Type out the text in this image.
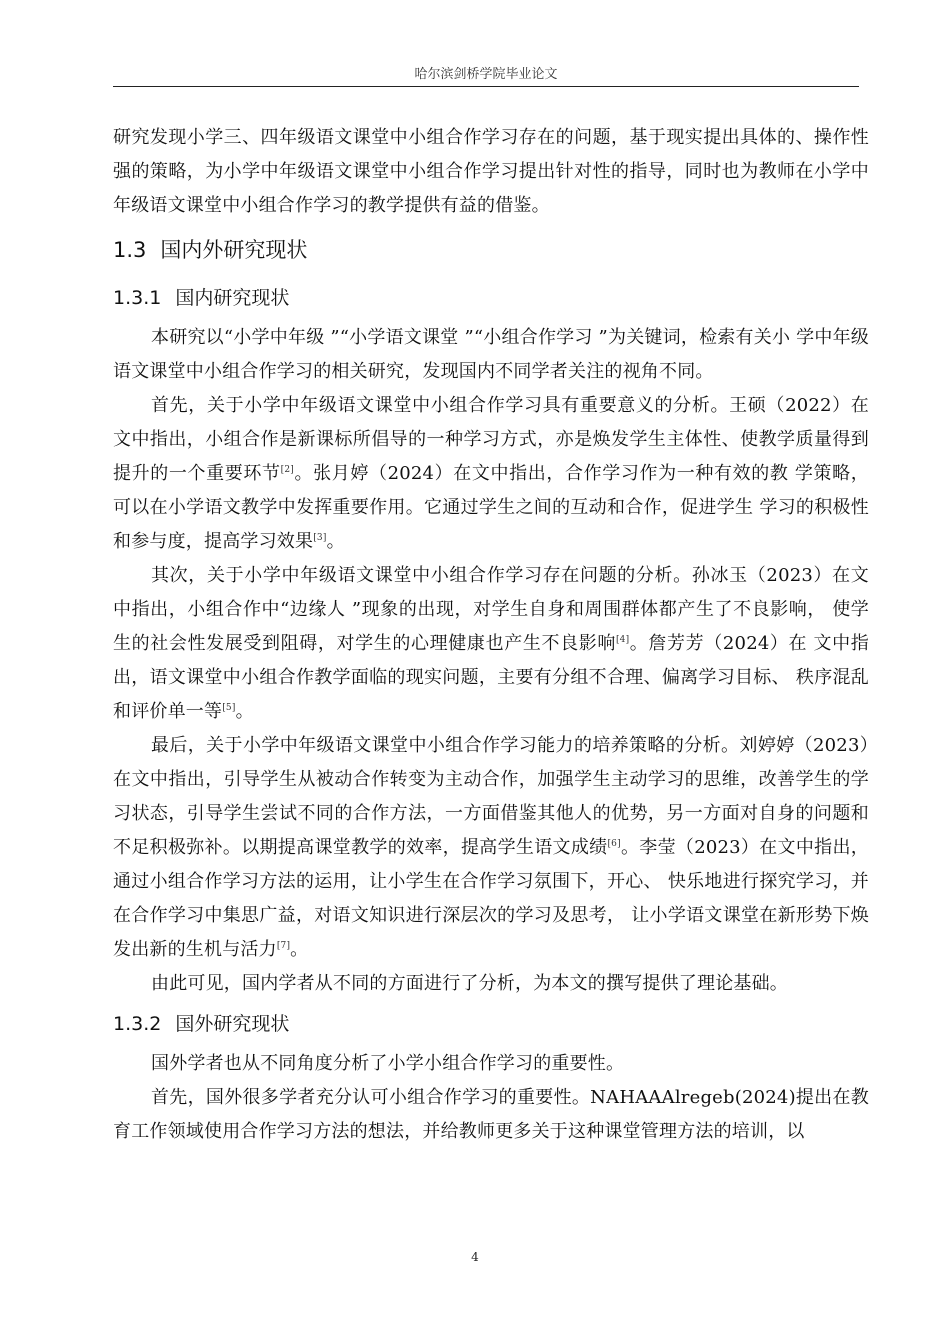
哈尔滨剑桥学院毕业论文

研究发现小学三、四年级语文课堂中小组合作学习存在的问题，基于现实提出具体的、操作性强的策略，为小学中年级语文课堂中小组合作学习提出针对性的指导，同时也为教师在小学中年级语文课堂中小组合作学习的教学提供有益的借鉴。

1.3 国内外研究现状
1.3.1 国内研究现状

本研究以“小学中年级 ”“小学语文课堂 ”“小组合作学习 ”为关键词，检索有关小 学中年级语文课堂中小组合作学习的相关研究，发现国内不同学者关注的视角不同。

首先，关于小学中年级语文课堂中小组合作学习具有重要意义的分析。王硕（2022）在文中指出，小组合作是新课标所倡导的一种学习方式，亦是焕发学生主体性、使教学质量得到提升的一个重要环节[2]。张月婷（2024）在文中指出，合作学习作为一种有效的教 学策略，可以在小学语文教学中发挥重要作用。它通过学生之间的互动和合作，促进学生 学习的积极性和参与度，提高学习效果[3]。

其次，关于小学中年级语文课堂中小组合作学习存在问题的分析。孙冰玉（2023）在文中指出，小组合作中“边缘人 ”现象的出现，对学生自身和周围群体都产生了不良影响， 使学生的社会性发展受到阻碍，对学生的心理健康也产生不良影响[4]。詹芳芳（2024）在 文中指出，语文课堂中小组合作教学面临的现实问题，主要有分组不合理、偏离学习目标、 秩序混乱和评价单一等[5]。

最后，关于小学中年级语文课堂中小组合作学习能力的培养策略的分析。刘婷婷（2023）在文中指出，引导学生从被动合作转变为主动合作，加强学生主动学习的思维，改善学生的学习状态，引导学生尝试不同的合作方法，一方面借鉴其他人的优势，另一方面对自身的问题和不足积极弥补。以期提高课堂教学的效率，提高学生语文成绩[6]。李莹（2023）在文中指出，通过小组合作学习方法的运用，让小学生在合作学习氛围下，开心、 快乐地进行探究学习，并在合作学习中集思广益，对语文知识进行深层次的学习及思考， 让小学语文课堂在新形势下焕发出新的生机与活力[7]。

由此可见，国内学者从不同的方面进行了分析，为本文的撰写提供了理论基础。

1.3.2 国外研究现状

国外学者也从不同角度分析了小学小组合作学习的重要性。

首先，国外很多学者充分认可小组合作学习的重要性。NAHAAAlregeb(2024)提出在教育工作领域使用合作学习方法的想法，并给教师更多关于这种课堂管理方法的培训，以

4
